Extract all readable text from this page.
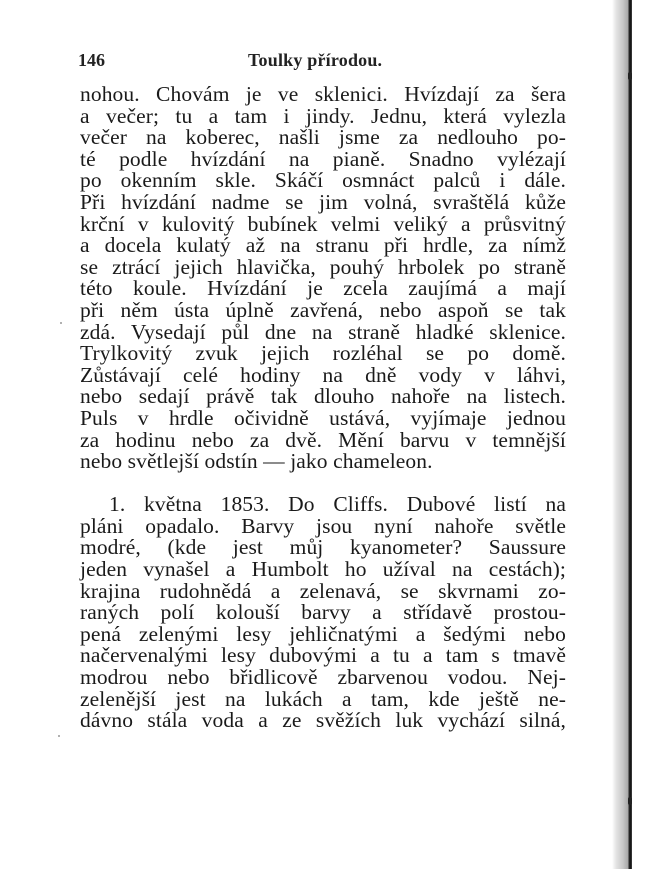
146	Toulky přírodou.
nohou. Chovám je ve sklenici. Hvízdají za šera
a večer; tu a tam i jindy. Jednu, která vylezla
večer na koberec, našli jsme za nedlouho po-
té podle hvízdání na pianě. Snadno vylézají
po okenním skle. Skáčí osmnáct palců i dále.
Při hvízdání nadme se jim volná, svraštělá kůže
krční v kulovitý bubínek velmi veliký a průsvitný
a docela kulatý až na stranu při hrdle, za nímž
se ztrácí jejich hlavička, pouhý hrbolek po straně
této koule. Hvízdání je zcela zaujímá a mají
při něm ústa úplně zavřená, nebo aspoň se tak
zdá. Vysedají půl dne na straně hladké sklenice.
Trylkovitý zvuk jejich rozléhal se po domě.
Zůstávají celé hodiny na dně vody v láhvi,
nebo sedají právě tak dlouho nahoře na listech.
Puls v hrdle očividně ustává, vyjímaje jednou
za hodinu nebo za dvě. Mění barvu v temnější
nebo světlejší odstín — jako chameleon.
1. května 1853. Do Cliffs. Dubové listí na
pláni opadalo. Barvy jsou nyní nahoře světle
modré, (kde jest můj kyanometer? Saussure
jeden vynašel a Humbolt ho užíval na cestách);
krajina rudohnědá a zelenavá, se skvrnami zo-
raných polí kolouší barvy a střídavě prostou-
pená zelenými lesy jehličnatými a šedými nebo
načervenalými lesy dubovými a tu a tam s tmavě
modrou nebo břidlicově zbarvenou vodou. Nej-
zelenější jest na lukách a tam, kde ještě ne-
dávno stála voda a ze svěžích luk vychází silná,
